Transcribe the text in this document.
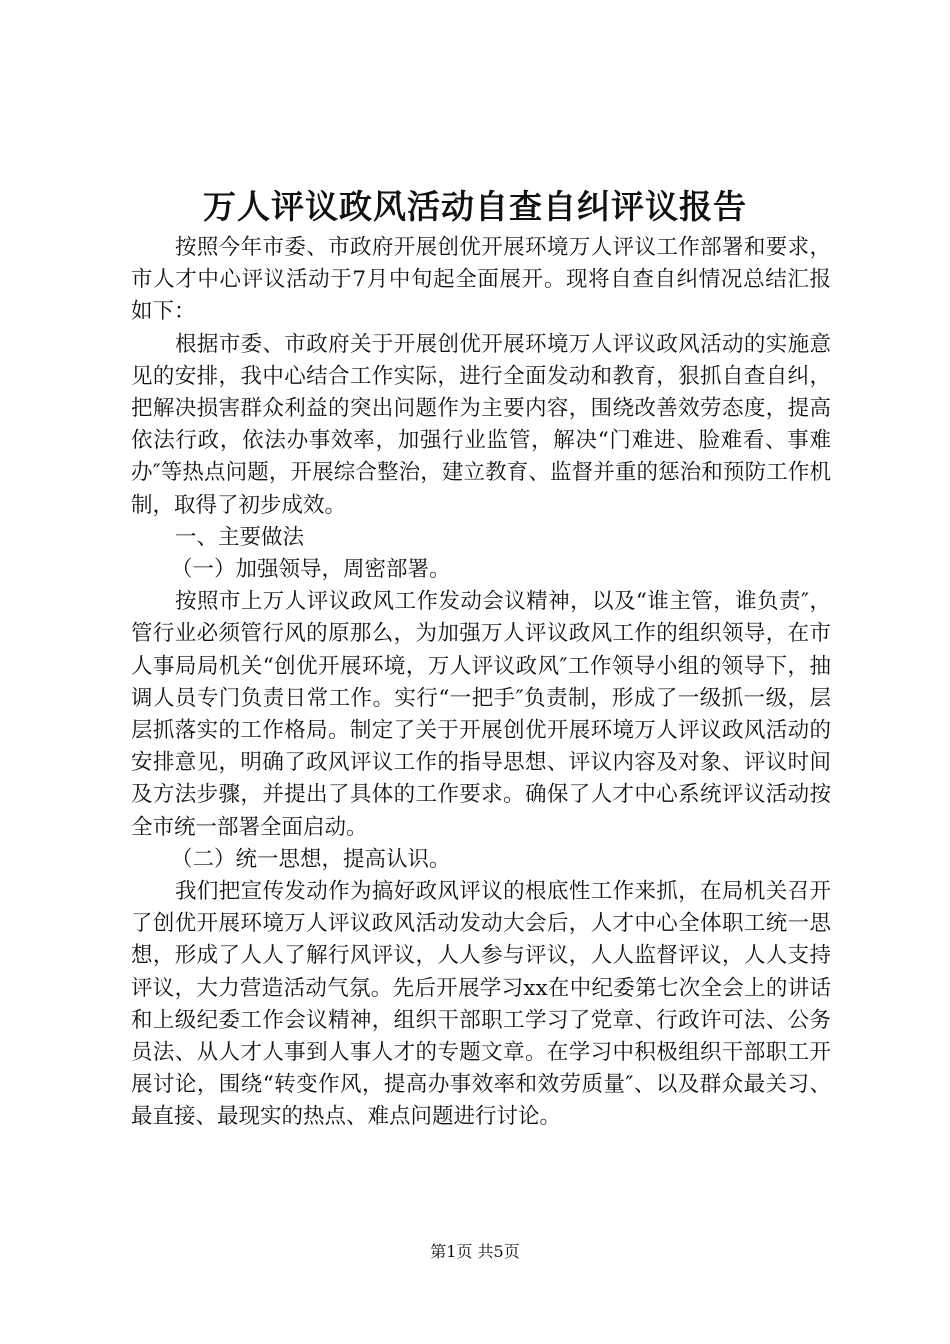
万人评议政风活动自查自纠评议报告

按照今年市委、市政府开展创优开展环境万人评议工作部署和要求，市人才中心评议活动于7月中旬起全面展开。现将自查自纠情况总结汇报如下：

根据市委、市政府关于开展创优开展环境万人评议政风活动的实施意见的安排，我中心结合工作实际，进行全面发动和教育，狠抓自查自纠，把解决损害群众利益的突出问题作为主要内容，围绕改善效劳态度，提高依法行政，依法办事效率，加强行业监管，解决“门难进、脸难看、事难办″等热点问题，开展综合整治，建立教育、监督并重的惩治和预防工作机制，取得了初步成效。

一、主要做法

（一）加强领导，周密部署。

按照市上万人评议政风工作发动会议精神，以及“谁主管，谁负责″，管行业必须管行风的原那么，为加强万人评议政风工作的组织领导，在市人事局局机关“创优开展环境，万人评议政风″工作领导小组的领导下，抽调人员专门负责日常工作。实行“一把手″负责制，形成了一级抓一级，层层抓落实的工作格局。制定了关于开展创优开展环境万人评议政风活动的安排意见，明确了政风评议工作的指导思想、评议内容及对象、评议时间及方法步骤，并提出了具体的工作要求。确保了人才中心系统评议活动按全市统一部署全面启动。

（二）统一思想，提高认识。

我们把宣传发动作为搞好政风评议的根底性工作来抓，在局机关召开了创优开展环境万人评议政风活动发动大会后，人才中心全体职工统一思想，形成了人人了解行风评议，人人参与评议，人人监督评议，人人支持评议，大力营造活动气氛。先后开展学习xx在中纪委第七次全会上的讲话和上级纪委工作会议精神，组织干部职工学习了党章、行政许可法、公务员法、从人才人事到人事人才的专题文章。在学习中积极组织干部职工开展讨论，围绕“转变作风，提高办事效率和效劳质量″、以及群众最关习、最直接、最现实的热点、难点问题进行讨论。

第1页 共5页
